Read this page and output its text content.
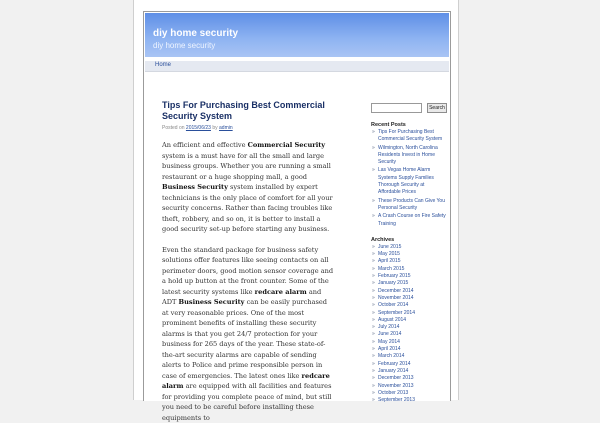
diy home security
diy home security
Home
Tips For Purchasing Best Commercial Security System
Posted on 2015/06/23 by admin

An efficient and effective Commercial Security system is a must have for all the small and large business groups. Whether you are running a small restaurant or a huge shopping mall, a good Business Security system installed by expert technicians is the only place of comfort for all your security concerns. Rather than facing troubles like theft, robbery, and so on, it is better to install a good security set-up before starting any business.

Even the standard package for business safety solutions offer features like seeing contacts on all perimeter doors, good motion sensor coverage and a hold up button at the front counter. Some of the latest security systems like redcare alarm and ADT Business Security can be easily purchased at very reasonable prices. One of the most prominent benefits of installing these security alarms is that you get 24/7 protection for your business for 265 days of the year. These state-of-the-art security alarms are capable of sending alerts to Police and prime responsible person in case of emergencies. The latest ones like redcare alarm are equipped with all facilities and features for providing you complete peace of mind, but still you need to be careful before installing these equipments to

Search
Recent Posts
» Tips For Purchasing Best Commercial Security System
» Wilmington, North Carolina Residents Invest in Home Security
» Las Vegas Home Alarm Systems Supply Families Thorough Security at Affordable Prices
» These Products Can Give You Personal Security
» A Crash Course on Fire Safety Training
Archives
» June 2015
» May 2015
» April 2015
» March 2015
» February 2015
» January 2015
» December 2014
» November 2014
» October 2014
» September 2014
» August 2014
» July 2014
» June 2014
» May 2014
» April 2014
» March 2014
» February 2014
» January 2014
» December 2013
» November 2013
» October 2013
» September 2013
